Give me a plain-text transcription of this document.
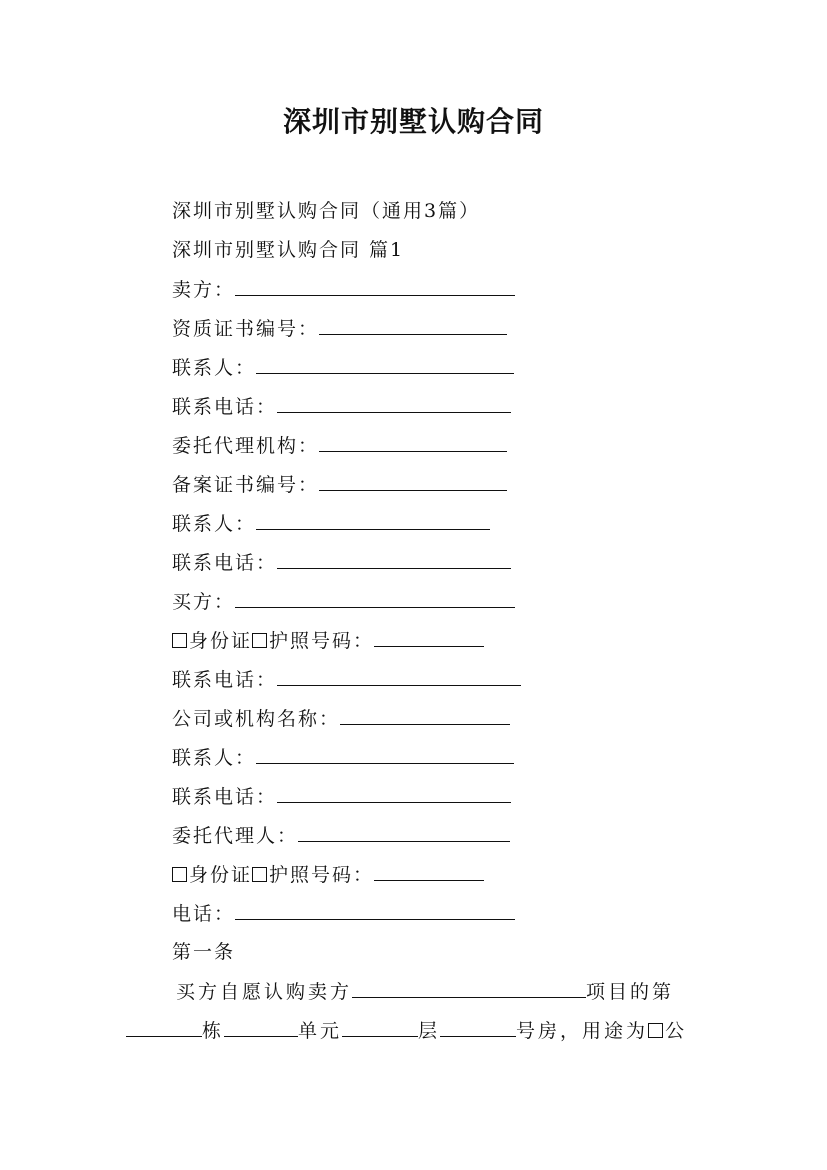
深圳市别墅认购合同
深圳市别墅认购合同（通用3篇）
深圳市别墅认购合同 篇1
卖方：
资质证书编号：
联系人：
联系电话：
委托代理机构：
备案证书编号：
联系人：
联系电话：
买方：
身份证 护照号码：
联系电话：
公司或机构名称：
联系人：
联系电话：
委托代理人：
身份证 护照号码：
电话：
第一条
买方自愿认购卖方	项目的第
栋	单元	层	号房，用途为 公
